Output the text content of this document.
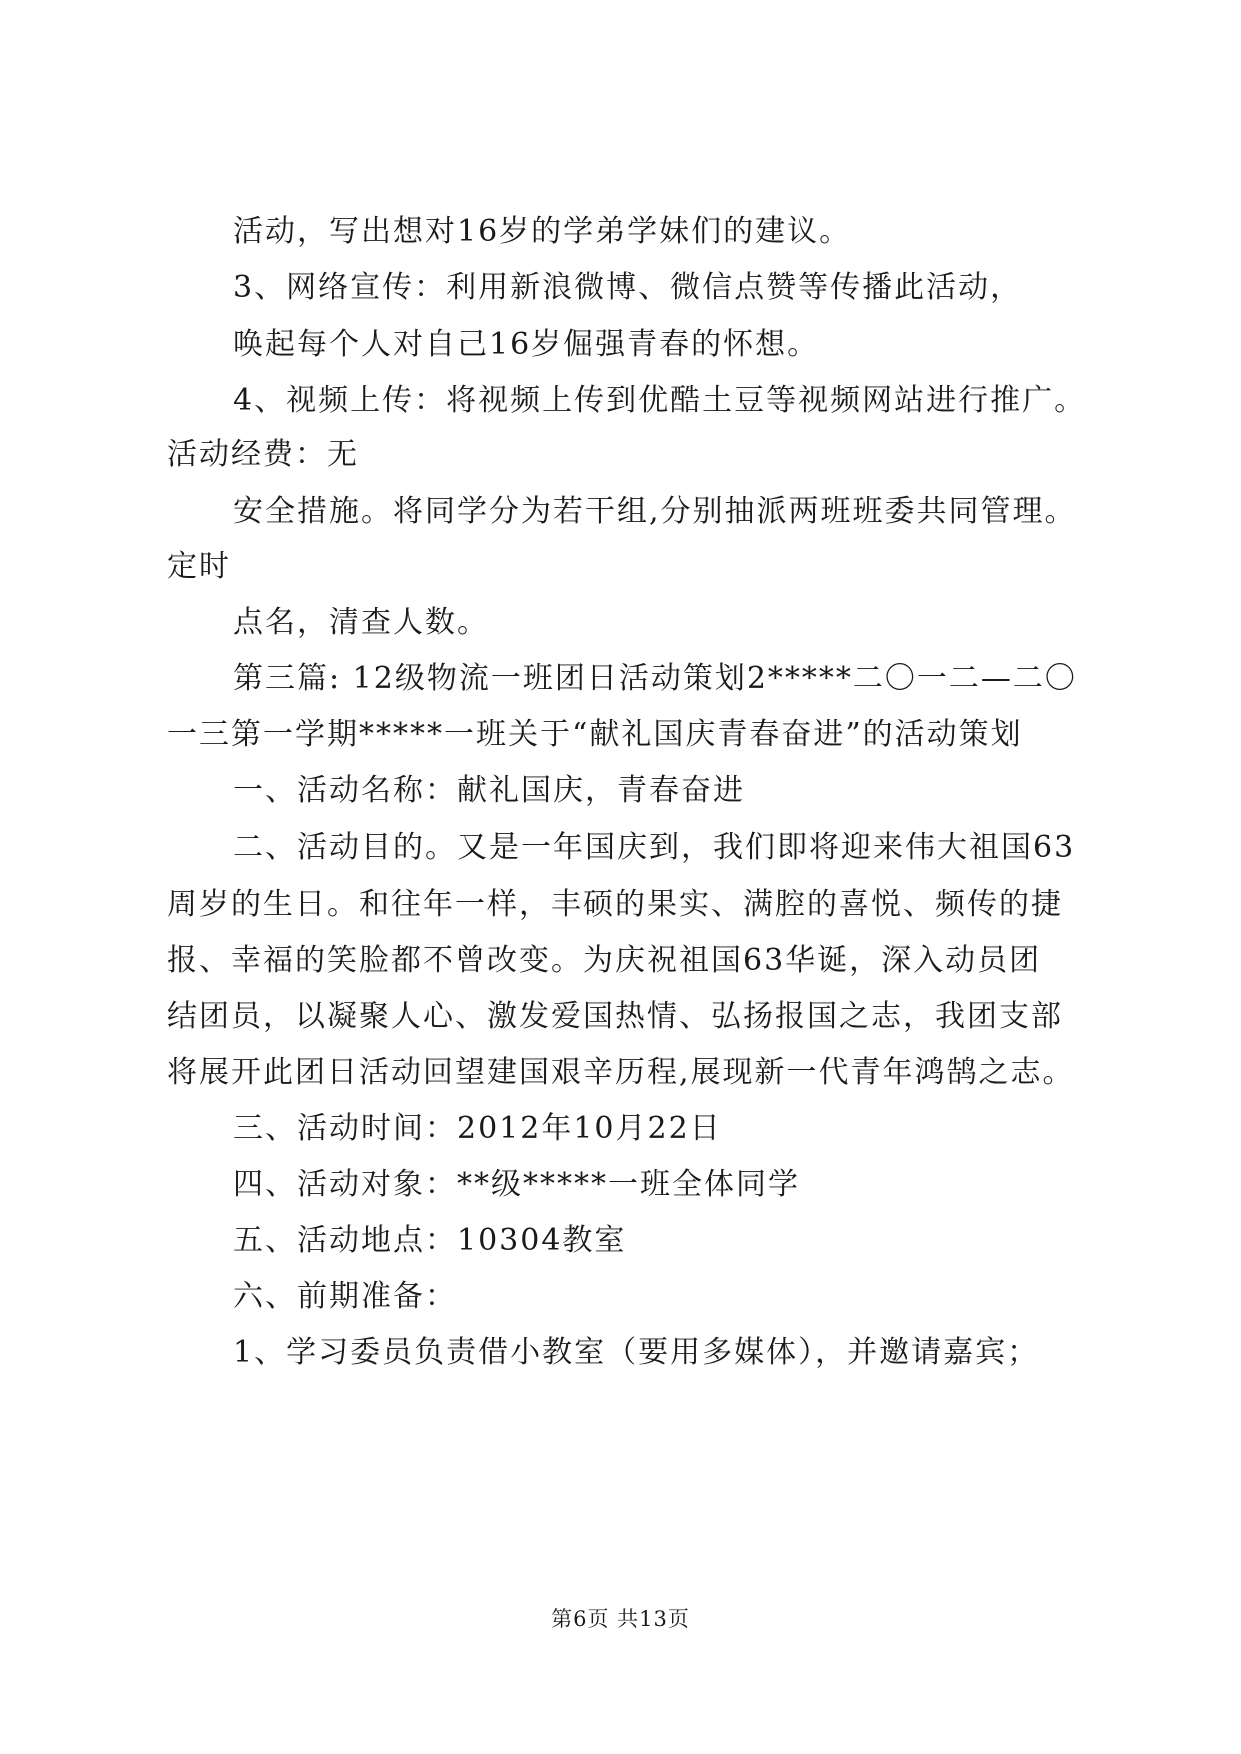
活动，写出想对16岁的学弟学妹们的建议。
3、网络宣传：利用新浪微博、微信点赞等传播此活动，
唤起每个人对自己16岁倔强青春的怀想。
4、视频上传：将视频上传到优酷土豆等视频网站进行推广。
活动经费：无
安全措施。将同学分为若干组,分别抽派两班班委共同管理。
定时
点名，清查人数。
第三篇: 12级物流一班团日活动策划2*****二〇一二—二〇
一三第一学期*****一班关于“献礼国庆青春奋进”的活动策划
一、活动名称：献礼国庆，青春奋进
二、活动目的。又是一年国庆到，我们即将迎来伟大祖国63
周岁的生日。和往年一样，丰硕的果实、满腔的喜悦、频传的捷
报、幸福的笑脸都不曾改变。为庆祝祖国63华诞，深入动员团
结团员，以凝聚人心、激发爱国热情、弘扬报国之志，我团支部
将展开此团日活动回望建国艰辛历程,展现新一代青年鸿鹄之志。
三、活动时间：2012年10月22日
四、活动对象：**级*****一班全体同学
五、活动地点：10304教室
六、前期准备：
1、学习委员负责借小教室（要用多媒体），并邀请嘉宾；
第6页 共13页
